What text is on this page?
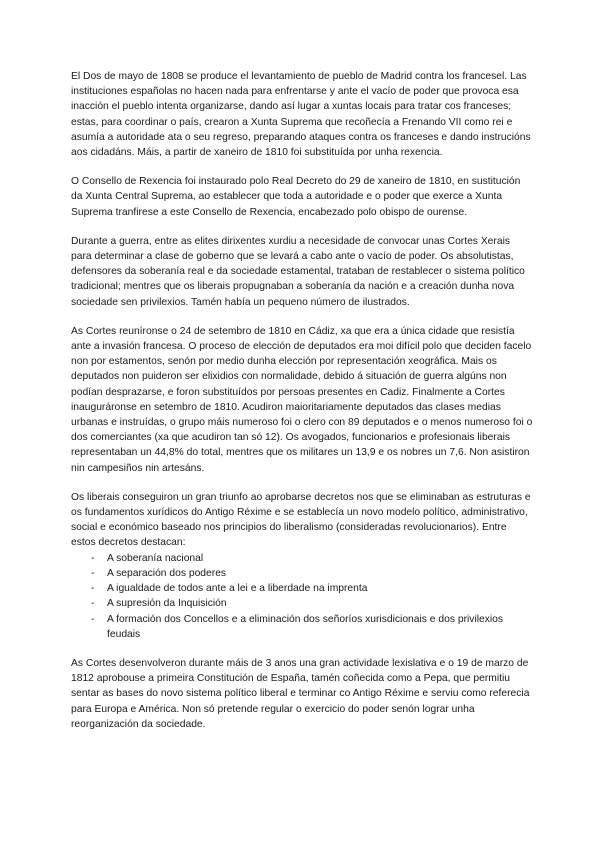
El Dos de mayo de 1808 se produce el levantamiento de pueblo de Madrid contra los francesel. Las instituciones españolas no hacen nada para enfrentarse y ante el vacío de poder que provoca esa inacción el pueblo intenta organizarse, dando así lugar a xuntas locais para tratar cos franceses; estas, para coordinar o país, crearon a Xunta Suprema que recoñecía a Frenando VII como rei e asumía a autoridade ata o seu regreso, preparando ataques contra os franceses e dando instrucións aos cidadáns. Máis, a partir de xaneiro de 1810 foi substituída por unha rexencia.

O Consello de Rexencia foi instaurado polo Real Decreto do 29 de xaneiro de 1810, en sustitución da Xunta Central Suprema, ao establecer que toda a autoridade e o poder que exerce a Xunta Suprema tranfirese a este Consello de Rexencia, encabezado polo obispo de ourense.

Durante a guerra, entre as elites dirixentes xurdiu a necesidade de convocar unas Cortes Xerais para determinar a clase de goberno que se levará a cabo ante o vacío de poder. Os absolutistas, defensores da soberanía real e da sociedade estamental, trataban de restablecer o sistema político tradicional; mentres que os liberais propugnaban a soberanía da nación e a creación dunha nova sociedade sen privilexios. Tamén había un pequeno número de ilustrados.

As Cortes reuníronse o 24 de setembro de 1810 en Cádiz, xa que era a única cidade que resistía ante a invasión francesa. O proceso de elección de deputados era moi difícil polo que deciden facelo non por estamentos, senón por medio dunha elección por representación xeográfica. Mais os deputados non puideron ser elixidios con normalidade, debido á situación de guerra algúns non podían desprazarse, e foron substituídos por persoas presentes en Cadiz. Finalmente a Cortes inauguráronse en setembro de 1810. Acudiron maioritariamente deputados das clases medias urbanas e instruídas, o grupo máis numeroso foi o clero con 89 deputados e o menos numeroso foi o dos comerciantes (xa que acudiron tan só 12). Os avogados, funcionarios e profesionais liberais representaban un 44,8% do total, mentres que os militares un 13,9 e os nobres un 7,6. Non asistiron nin campesiños nin artesáns.

Os liberais conseguiron un gran triunfo ao aprobarse decretos nos que se eliminaban as estruturas e os fundamentos xurídicos do Antigo Réxime e se establecía un novo modelo político, administrativo, social e económico baseado nos principios do liberalismo (consideradas revolucionarios). Entre estos decretos destacan:

- A soberanía nacional
- A separación dos poderes
- A igualdade de todos ante a lei e a liberdade na imprenta
- A supresión da Inquisición
- A formación dos Concellos e a eliminación dos señoríos xurisdicionais e dos privilexios feudais

As Cortes desenvolveron durante máis de 3 anos una gran actividade lexislativa e o 19 de marzo de 1812 aprobouse a primeira Constitución de España, tamén coñecida como a Pepa, que permitiu sentar as bases do novo sistema político liberal e terminar co Antigo Réxime e serviu como referecia para Europa e América. Non só pretende regular o exercicio do poder senón lograr unha reorganización da sociedade.
